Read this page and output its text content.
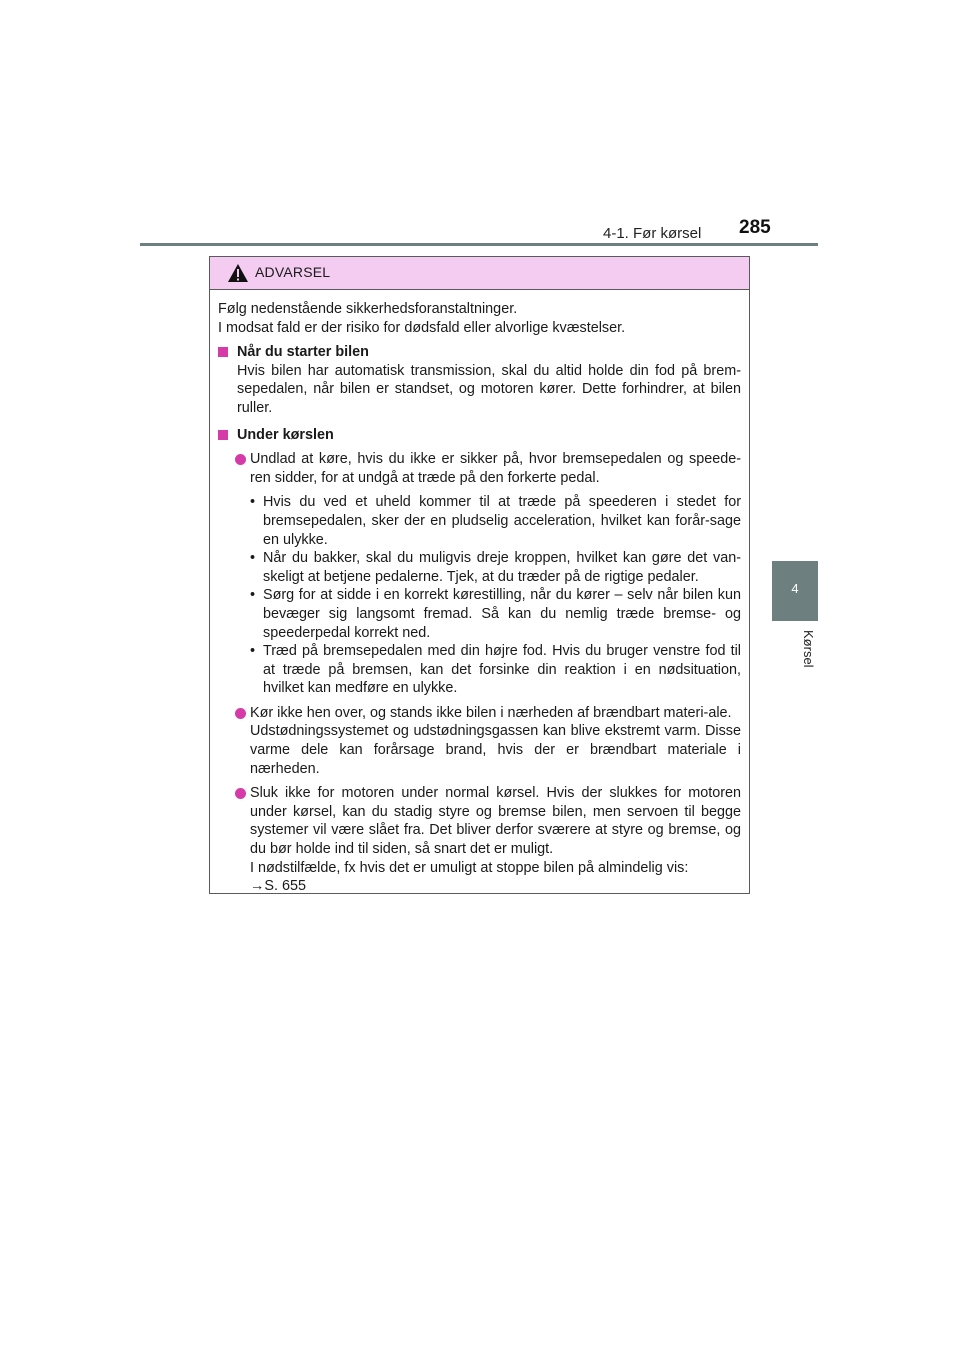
4-1. Før kørsel 285
4
Kørsel
ADVARSEL

Følg nedenstående sikkerhedsforanstaltninger.
I modsat fald er der risiko for dødsfald eller alvorlige kvæstelser.

Når du starter bilen

Hvis bilen har automatisk transmission, skal du altid holde din fod på brem-sepedalen, når bilen er standset, og motoren kører. Dette forhindrer, at bilen ruller.

Under kørslen

Undlad at køre, hvis du ikke er sikker på, hvor bremsepedalen og speede-ren sidder, for at undgå at træde på den forkerte pedal.

• Hvis du ved et uheld kommer til at træde på speederen i stedet for bremsepedalen, sker der en pludselig acceleration, hvilket kan forår-sage en ulykke.
• Når du bakker, skal du muligvis dreje kroppen, hvilket kan gøre det van-skeligt at betjene pedalerne. Tjek, at du træder på de rigtige pedaler.
• Sørg for at sidde i en korrekt kørestilling, når du kører – selv når bilen kun bevæger sig langsomt fremad. Så kan du nemlig træde bremse- og speederpedal korrekt ned.
• Træd på bremsepedalen med din højre fod. Hvis du bruger venstre fod til at træde på bremsen, kan det forsinke din reaktion i en nødsituation, hvilket kan medføre en ulykke.

Kør ikke hen over, og stands ikke bilen i nærheden af brændbart materi-ale.

Udstødningssystemet og udstødningsgassen kan blive ekstremt varm. Disse varme dele kan forårsage brand, hvis der er brændbart materiale i nærheden.

Sluk ikke for motoren under normal kørsel. Hvis der slukkes for motoren under kørsel, kan du stadig styre og bremse bilen, men servoen til begge systemer vil være slået fra. Det bliver derfor sværere at styre og bremse, og du bør holde ind til siden, så snart det er muligt.

I nødstilfælde, fx hvis det er umuligt at stoppe bilen på almindelig vis:

→S. 655
